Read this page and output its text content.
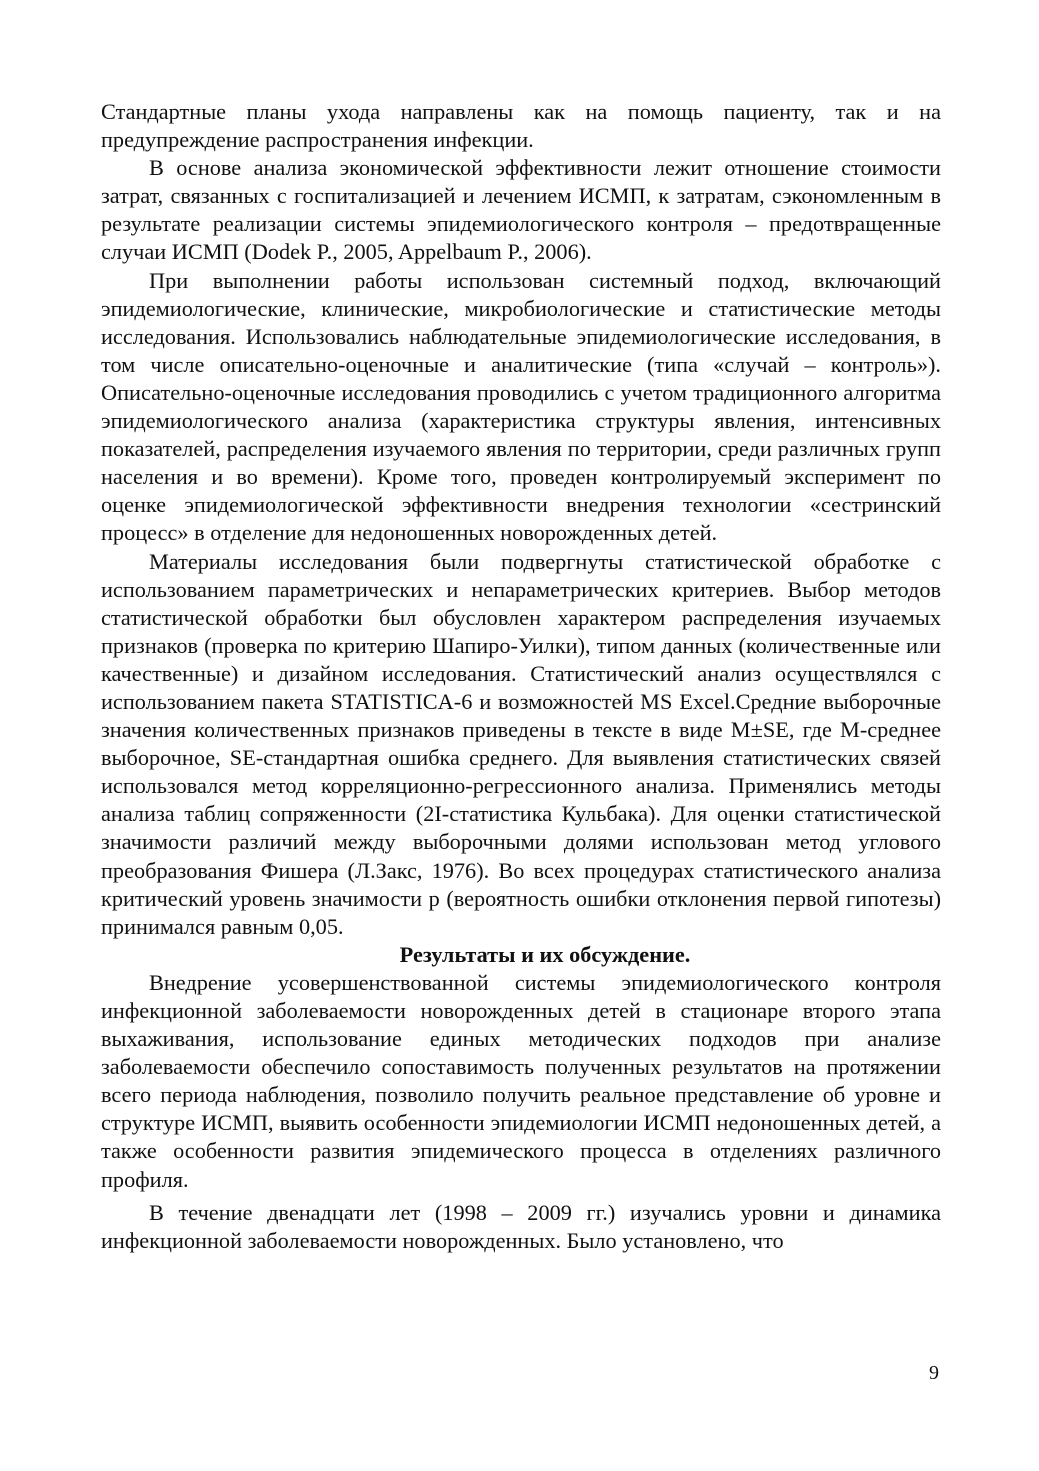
Стандартные планы ухода направлены как на помощь пациенту, так и на предупреждение распространения инфекции.

В основе анализа экономической эффективности лежит отношение стоимости затрат, связанных с госпитализацией и лечением ИСМП, к затратам, сэкономленным в результате реализации системы эпидемиологического контроля – предотвращенные случаи ИСМП (Dodek P., 2005, Appelbaum P., 2006).

При выполнении работы использован системный подход, включающий эпидемиологические, клинические, микробиологические и статистические методы исследования. Использовались наблюдательные эпидемиологические исследования, в том числе описательно-оценочные и аналитические (типа «случай – контроль»). Описательно-оценочные исследования проводились с учетом традиционного алгоритма эпидемиологического анализа (характеристика структуры явления, интенсивных показателей, распределения изучаемого явления по территории, среди различных групп населения и во времени). Кроме того, проведен контролируемый эксперимент по оценке эпидемиологической эффективности внедрения технологии «сестринский процесс» в отделение для недоношенных новорожденных детей.

Материалы исследования были подвергнуты статистической обработке с использованием параметрических и непараметрических критериев. Выбор методов статистической обработки был обусловлен характером распределения изучаемых признаков (проверка по критерию Шапиро-Уилки), типом данных (количественные или качественные) и дизайном исследования. Статистический анализ осуществлялся с использованием пакета STATISTICA-6 и возможностей MS Excel.Средние выборочные значения количественных признаков приведены в тексте в виде M±SE, где M-среднее выборочное, SE-стандартная ошибка среднего. Для выявления статистических связей использовался метод корреляционно-регрессионного анализа. Применялись методы анализа таблиц сопряженности (2I-статистика Кульбака). Для оценки статистической значимости различий между выборочными долями использован метод углового преобразования Фишера (Л.Закс, 1976). Во всех процедурах статистического анализа критический уровень значимости p (вероятность ошибки отклонения первой гипотезы) принимался равным 0,05.

Результаты и их обсуждение.

Внедрение усовершенствованной системы эпидемиологического контроля инфекционной заболеваемости новорожденных детей в стационаре второго этапа выхаживания, использование единых методических подходов при анализе заболеваемости обеспечило сопоставимость полученных результатов на протяжении всего периода наблюдения, позволило получить реальное представление об уровне и структуре ИСМП, выявить особенности эпидемиологии ИСМП недоношенных детей, а также особенности развития эпидемического процесса в отделениях различного профиля.

В течение двенадцати лет (1998 – 2009 гг.) изучались уровни и динамика инфекционной заболеваемости новорожденных. Было установлено, что

9
